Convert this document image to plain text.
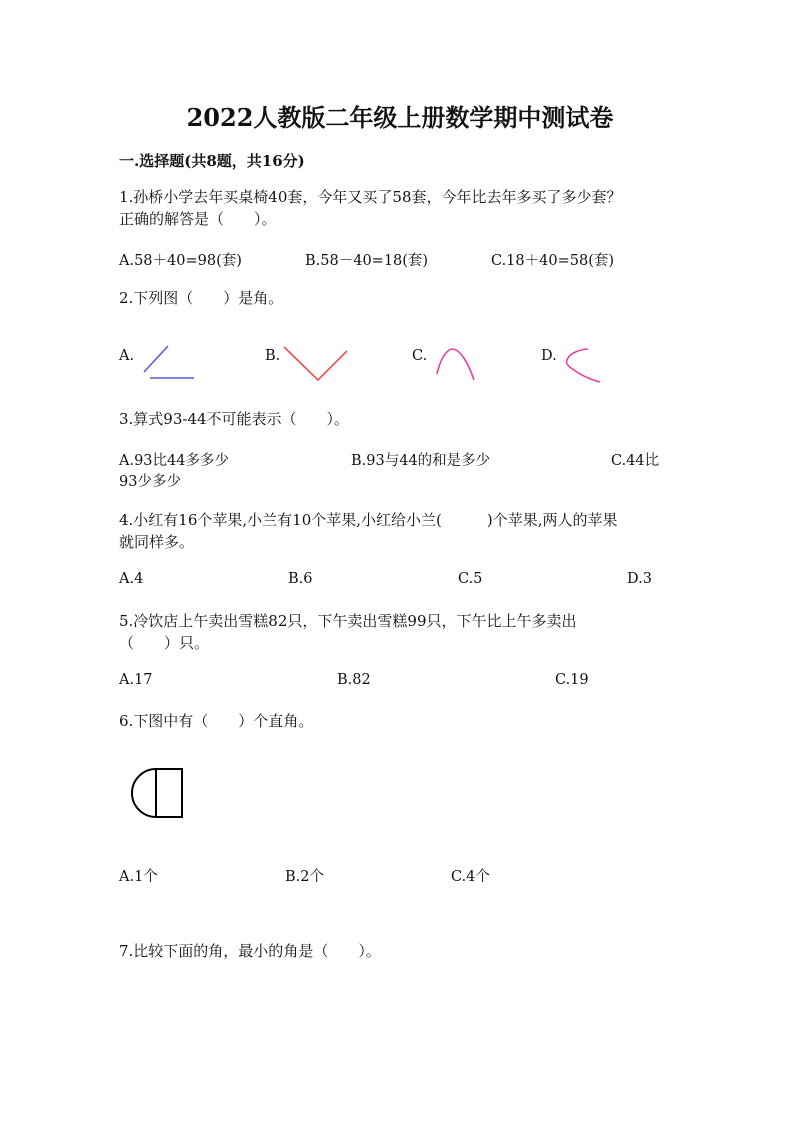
2022人教版二年级上册数学期中测试卷
一.选择题(共8题，共16分)
1.孙桥小学去年买桌椅40套，今年又买了58套，今年比去年多买了多少套？
正确的解答是（　　）。
A.58＋40=98(套)	B.58－40=18(套)	C.18＋40=58(套)
2.下列图（　　）是角。
A.	B.	C.	D.
3.算式93-44不可能表示（　　）。
A.93比44多多少	B.93与44的和是多少	C.44比
93少多少
4.小红有16个苹果,小兰有10个苹果,小红给小兰(　　　)个苹果,两人的苹果
就同样多。
A.4	B.6	C.5	D.3
5.冷饮店上午卖出雪糕82只，下午卖出雪糕99只，下午比上午多卖出
（　　）只。
A.17	B.82	C.19
6.下图中有（　　）个直角。
A.1个	B.2个	C.4个
7.比较下面的角，最小的角是（　　）。
